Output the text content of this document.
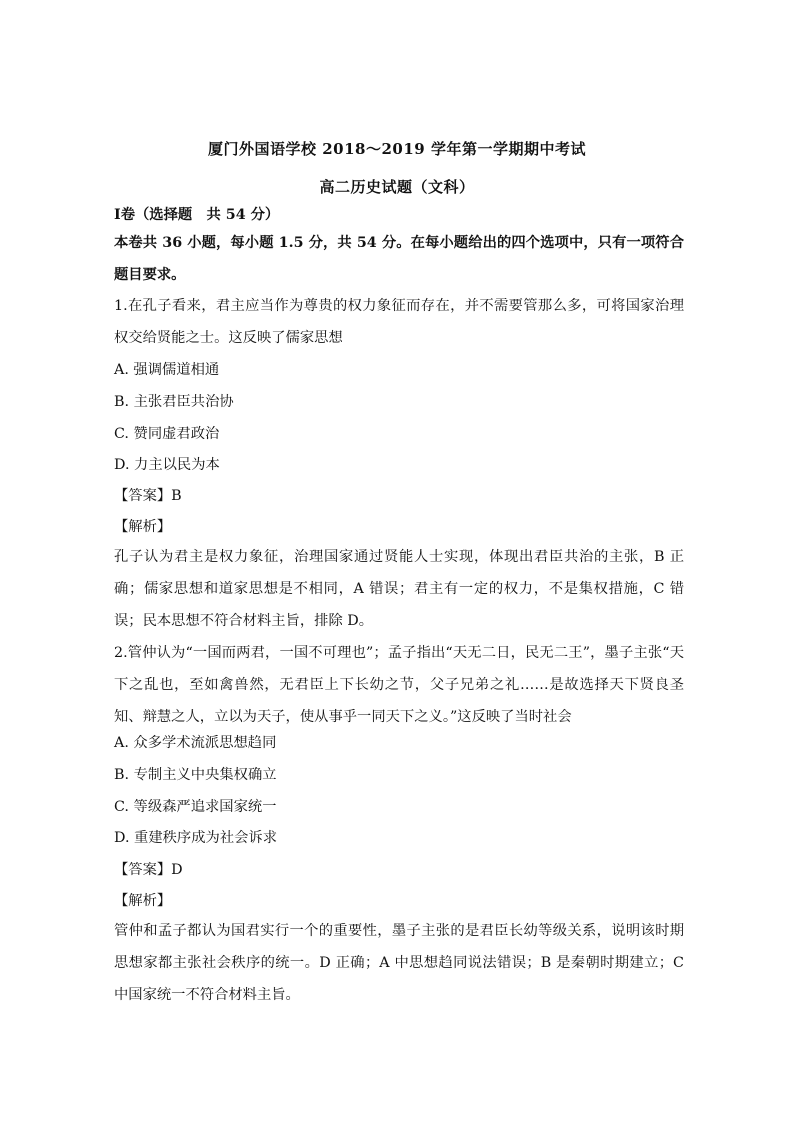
厦门外国语学校 2018～2019 学年第一学期期中考试
高二历史试题（文科）
Ⅰ卷（选择题　共 54 分）
本卷共 36 小题，每小题 1.5 分，共 54 分。在每小题给出的四个选项中，只有一项符合题目要求。
1.在孔子看来，君主应当作为尊贵的权力象征而存在，并不需要管那么多，可将国家治理权交给贤能之士。这反映了儒家思想
A. 强调儒道相通
B. 主张君臣共治协
C. 赞同虚君政治
D. 力主以民为本
【答案】B
【解析】
孔子认为君主是权力象征，治理国家通过贤能人士实现，体现出君臣共治的主张，B 正确；儒家思想和道家思想是不相同，A 错误；君主有一定的权力，不是集权措施，C 错误；民本思想不符合材料主旨，排除 D。
2.管仲认为“一国而两君，一国不可理也”；孟子指出“天无二日，民无二王”，墨子主张“天下之乱也，至如禽兽然，无君臣上下长幼之节，父子兄弟之礼……是故选择天下贤良圣知、辩慧之人，立以为天子，使从事乎一同天下之义。”这反映了当时社会
A. 众多学术流派思想趋同
B. 专制主义中央集权确立
C. 等级森严追求国家统一
D. 重建秩序成为社会诉求
【答案】D
【解析】
管仲和孟子都认为国君实行一个的重要性，墨子主张的是君臣长幼等级关系，说明该时期思想家都主张社会秩序的统一。D 正确；A 中思想趋同说法错误；B 是秦朝时期建立；C 中国家统一不符合材料主旨。
